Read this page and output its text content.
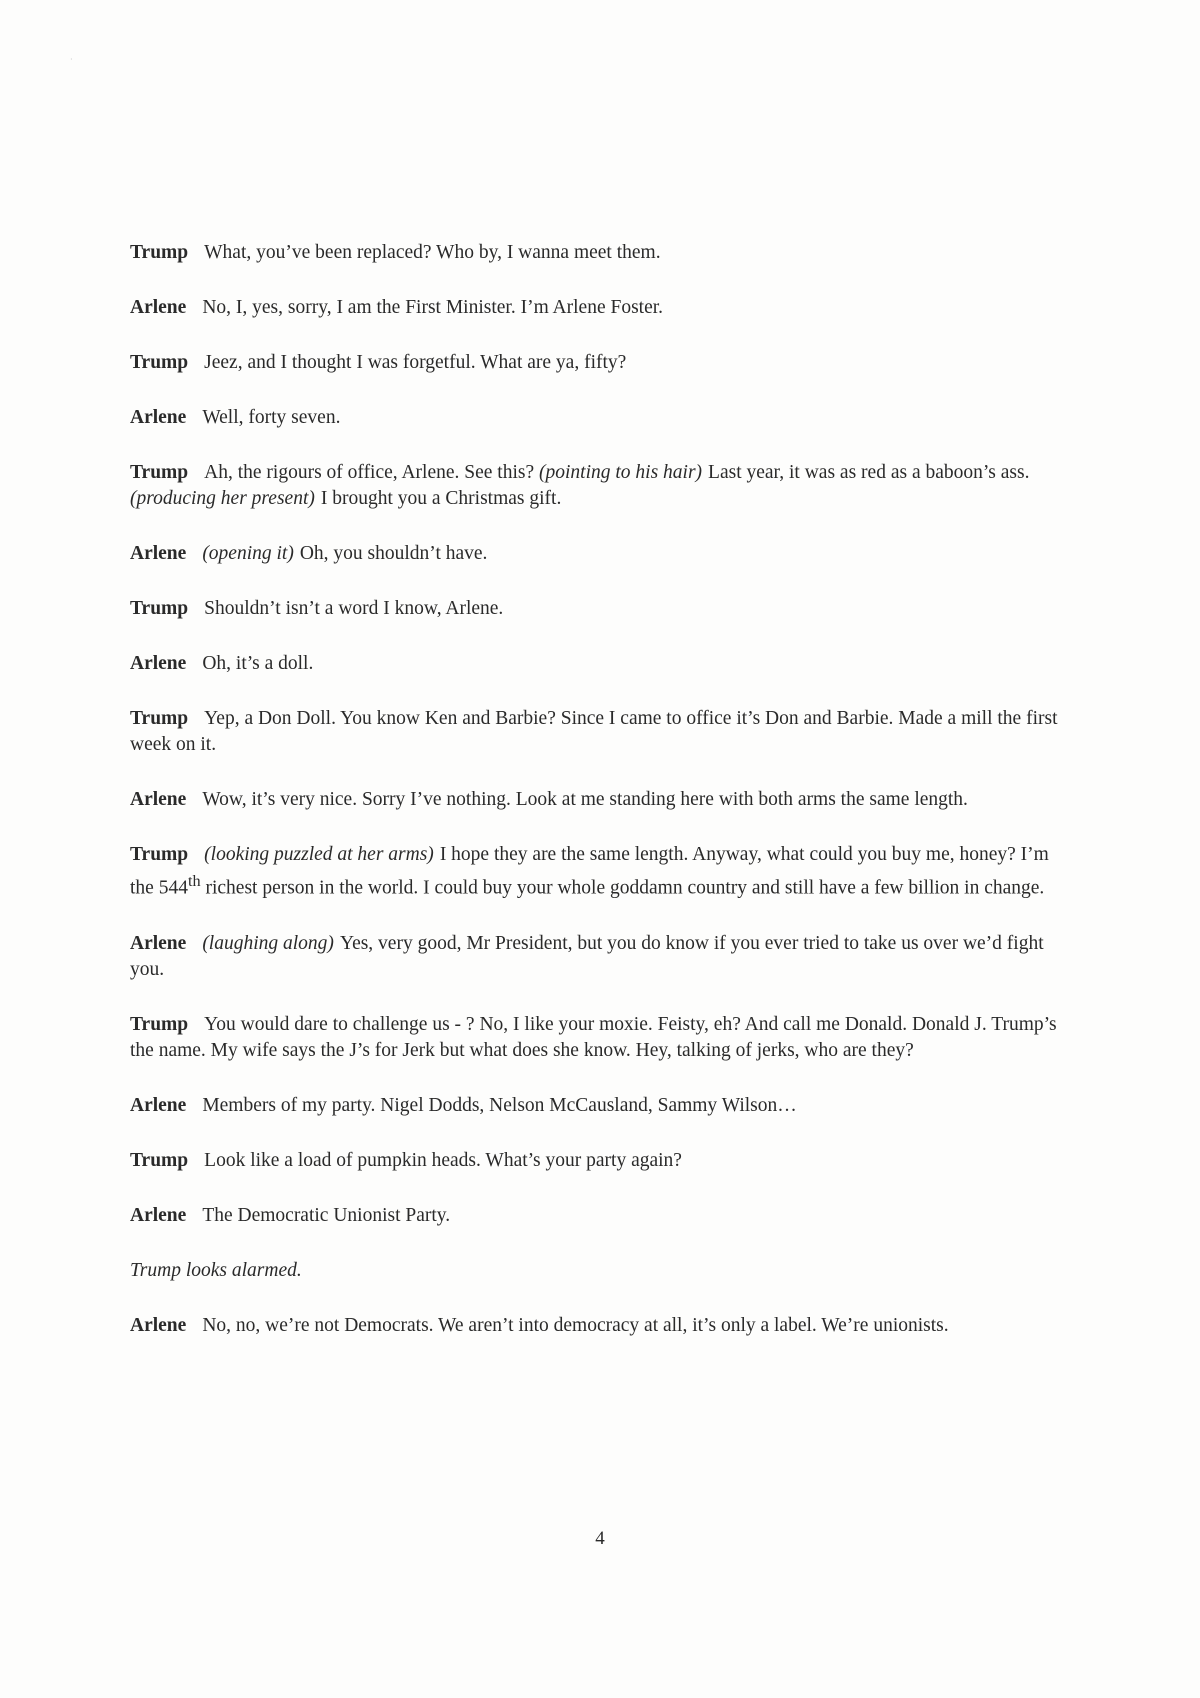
·

Trump What, you’ve been replaced? Who by, I wanna meet them.

Arlene No, I, yes, sorry, I am the First Minister. I’m Arlene Foster.

Trump Jeez, and I thought I was forgetful. What are ya, fifty?

Arlene Well, forty seven.

Trump Ah, the rigours of office, Arlene. See this? (pointing to his hair) Last year, it was as red as a baboon’s ass. (producing her present) I brought you a Christmas gift.

Arlene (opening it) Oh, you shouldn’t have.

Trump Shouldn’t isn’t a word I know, Arlene.

Arlene Oh, it’s a doll.

Trump Yep, a Don Doll. You know Ken and Barbie? Since I came to office it’s Don and Barbie. Made a mill the first week on it.

Arlene Wow, it’s very nice. Sorry I’ve nothing. Look at me standing here with both arms the same length.

Trump (looking puzzled at her arms) I hope they are the same length. Anyway, what could you buy me, honey? I’m the 544th richest person in the world. I could buy your whole goddamn country and still have a few billion in change.

Arlene (laughing along) Yes, very good, Mr President, but you do know if you ever tried to take us over we’d fight you.

Trump You would dare to challenge us - ? No, I like your moxie. Feisty, eh? And call me Donald. Donald J. Trump’s the name. My wife says the J’s for Jerk but what does she know. Hey, talking of jerks, who are they?

Arlene Members of my party. Nigel Dodds, Nelson McCausland, Sammy Wilson…

Trump Look like a load of pumpkin heads. What’s your party again?

Arlene The Democratic Unionist Party.

Trump looks alarmed.

Arlene No, no, we’re not Democrats. We aren’t into democracy at all, it’s only a label. We’re unionists.

4
